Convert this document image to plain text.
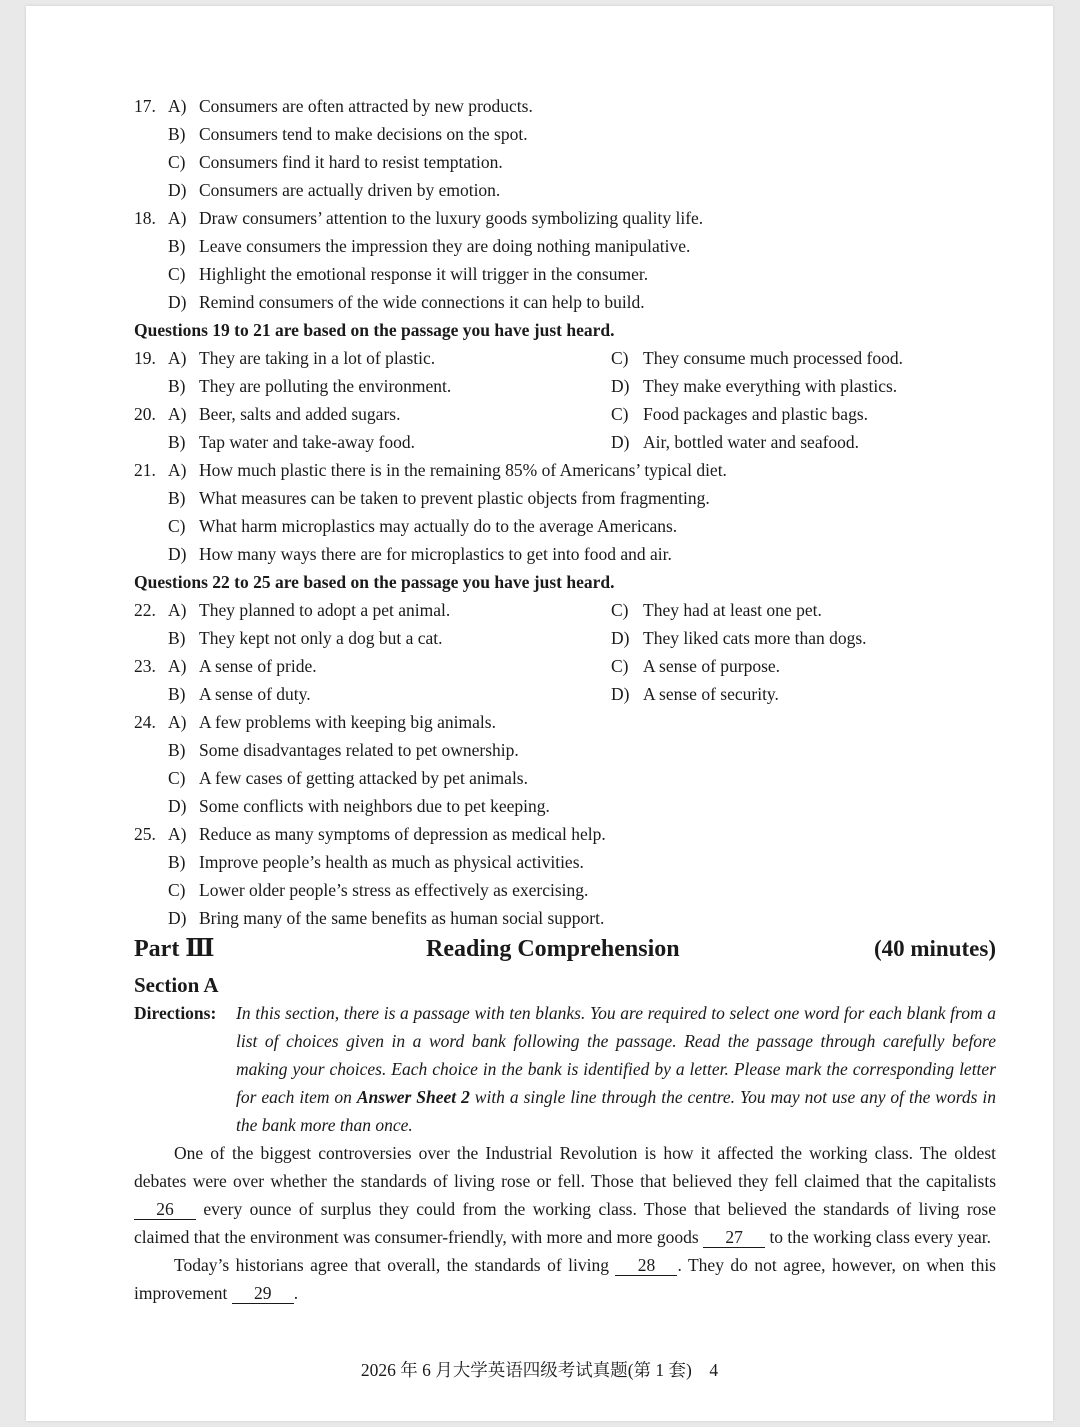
17. A) Consumers are often attracted by new products.
B) Consumers tend to make decisions on the spot.
C) Consumers find it hard to resist temptation.
D) Consumers are actually driven by emotion.
18. A) Draw consumers’ attention to the luxury goods symbolizing quality life.
B) Leave consumers the impression they are doing nothing manipulative.
C) Highlight the emotional response it will trigger in the consumer.
D) Remind consumers of the wide connections it can help to build.
Questions 19 to 21 are based on the passage you have just heard.
19. A) They are taking in a lot of plastic.	C) They consume much processed food.
B) They are polluting the environment.	D) They make everything with plastics.
20. A) Beer, salts and added sugars.	C) Food packages and plastic bags.
B) Tap water and take-away food.	D) Air, bottled water and seafood.
21. A) How much plastic there is in the remaining 85% of Americans’ typical diet.
B) What measures can be taken to prevent plastic objects from fragmenting.
C) What harm microplastics may actually do to the average Americans.
D) How many ways there are for microplastics to get into food and air.
Questions 22 to 25 are based on the passage you have just heard.
22. A) They planned to adopt a pet animal.	C) They had at least one pet.
B) They kept not only a dog but a cat.	D) They liked cats more than dogs.
23. A) A sense of pride.	C) A sense of purpose.
B) A sense of duty.	D) A sense of security.
24. A) A few problems with keeping big animals.
B) Some disadvantages related to pet ownership.
C) A few cases of getting attacked by pet animals.
D) Some conflicts with neighbors due to pet keeping.
25. A) Reduce as many symptoms of depression as medical help.
B) Improve people’s health as much as physical activities.
C) Lower older people’s stress as effectively as exercising.
D) Bring many of the same benefits as human social support.
Part Ⅲ	Reading Comprehension	(40 minutes)
Section A
Directions: In this section, there is a passage with ten blanks. You are required to select one word for each blank from a list of choices given in a word bank following the passage. Read the passage through carefully before making your choices. Each choice in the bank is identified by a letter. Please mark the corresponding letter for each item on Answer Sheet 2 with a single line through the centre. You may not use any of the words in the bank more than once.

One of the biggest controversies over the Industrial Revolution is how it affected the working class. The oldest debates were over whether the standards of living rose or fell. Those that believed they fell claimed that the capitalists 26 every ounce of surplus they could from the working class. Those that believed the standards of living rose claimed that the environment was consumer-friendly, with more and more goods 27 to the working class every year.

Today’s historians agree that overall, the standards of living 28 . They do not agree, however, on when this improvement 29 .

2026 年 6 月大学英语四级考试真题(第 1 套)　4
